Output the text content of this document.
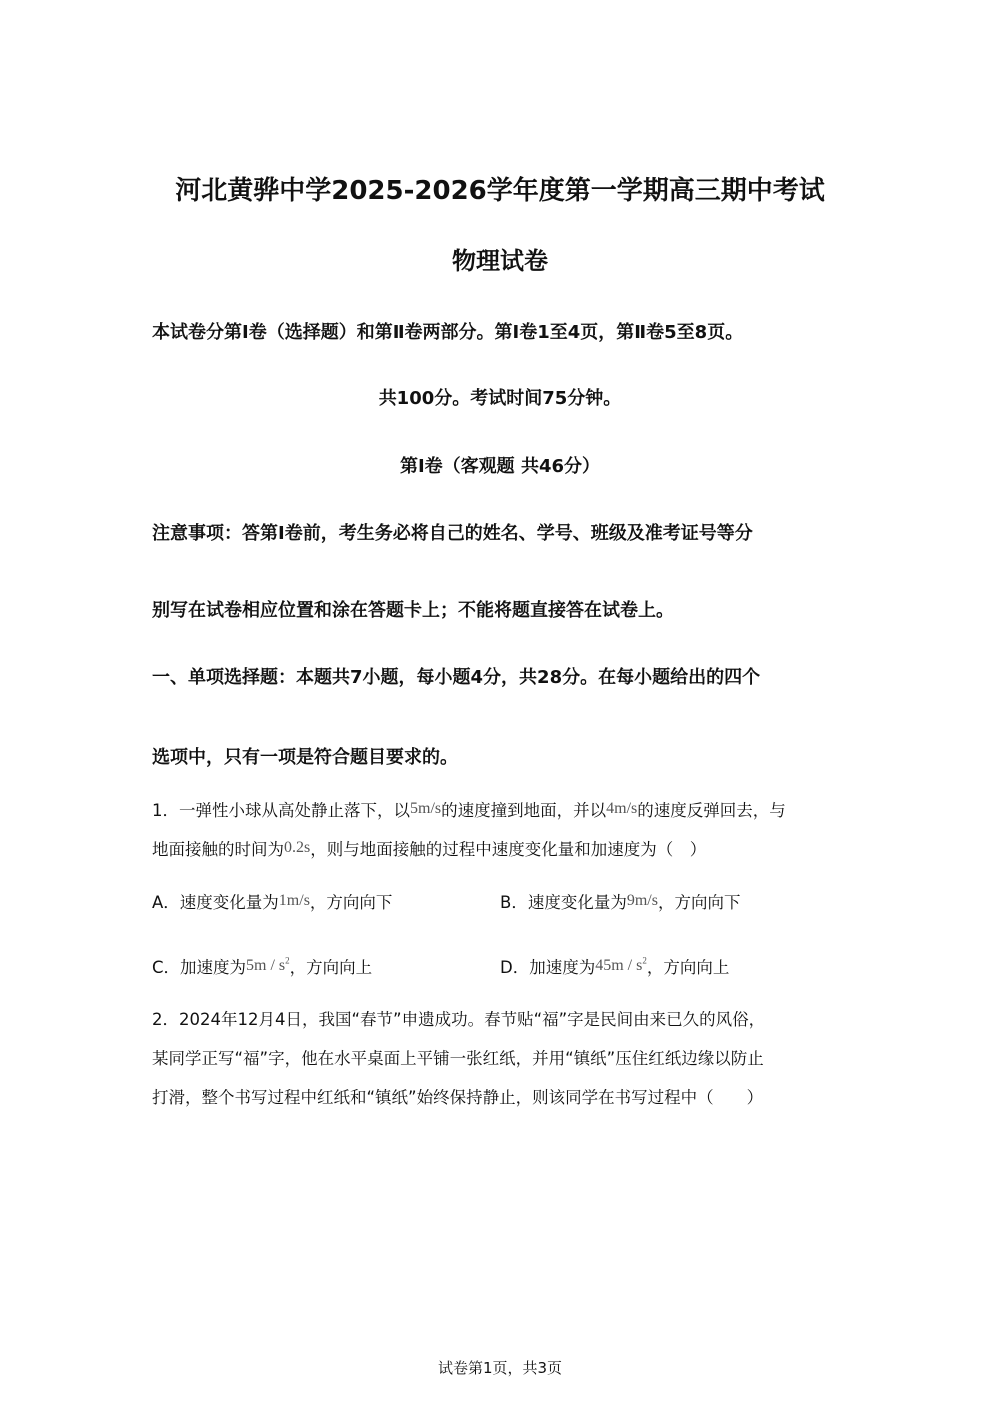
河北黄骅中学2025-2026学年度第一学期高三期中考试
物理试卷
本试卷分第Ⅰ卷（选择题）和第Ⅱ卷两部分。第Ⅰ卷1至4页，第Ⅱ卷5至8页。
共100分。考试时间75分钟。
第Ⅰ卷（客观题 共46分）
注意事项：答第Ⅰ卷前，考生务必将自己的姓名、学号、班级及准考证号等分
别写在试卷相应位置和涂在答题卡上；不能将题直接答在试卷上。
一、单项选择题：本题共7小题，每小题4分，共28分。在每小题给出的四个
选项中，只有一项是符合题目要求的。
1．一弹性小球从高处静止落下，以5m/s的速度撞到地面，并以4m/s的速度反弹回去，与
地面接触的时间为0.2s，则与地面接触的过程中速度变化量和加速度为（　）
A．速度变化量为1m/s，方向向下	B．速度变化量为9m/s，方向向下
C．加速度为$5m / s^2$，方向向上	D．加速度为$45m / s^2$，方向向上
2．2024年12月4日，我国“春节”申遗成功。春节贴“福”字是民间由来已久的风俗，
某同学正写“福”字，他在水平桌面上平铺一张红纸，并用“镇纸”压住红纸边缘以防止
打滑，整个书写过程中红纸和“镇纸”始终保持静止，则该同学在书写过程中（　　）
试卷第1页，共3页
